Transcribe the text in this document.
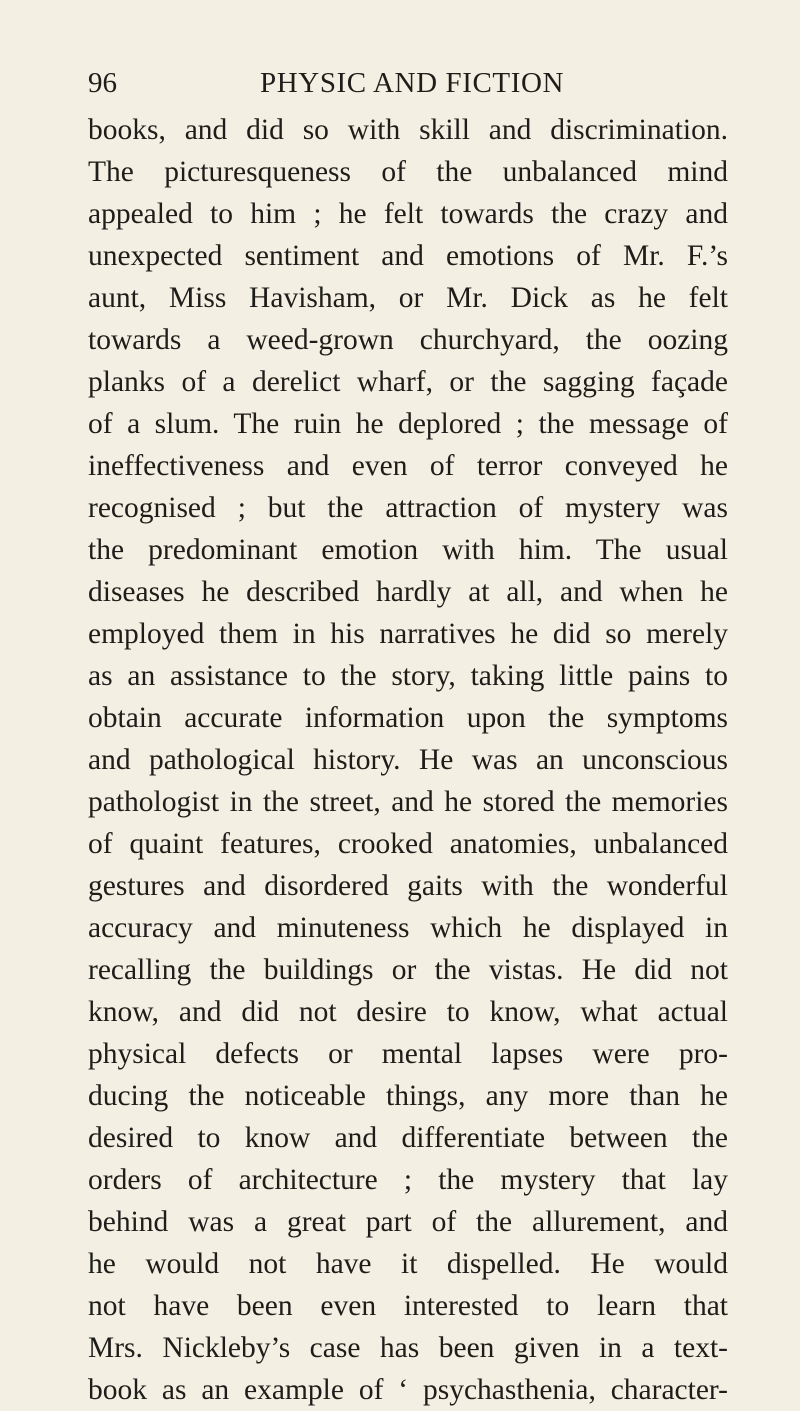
96	PHYSIC AND FICTION
books, and did so with skill and discrimination.
The picturesqueness of the unbalanced mind
appealed to him ; he felt towards the crazy and
unexpected sentiment and emotions of Mr. F.’s
aunt, Miss Havisham, or Mr. Dick as he felt
towards a weed-grown churchyard, the oozing
planks of a derelict wharf, or the sagging façade
of a slum. The ruin he deplored ; the message of
ineffectiveness and even of terror conveyed he
recognised ; but the attraction of mystery was
the predominant emotion with him. The usual
diseases he described hardly at all, and when he
employed them in his narratives he did so merely
as an assistance to the story, taking little pains to
obtain accurate information upon the symptoms
and pathological history. He was an unconscious
pathologist in the street, and he stored the memories
of quaint features, crooked anatomies, unbalanced
gestures and disordered gaits with the wonderful
accuracy and minuteness which he displayed in
recalling the buildings or the vistas. He did not
know, and did not desire to know, what actual
physical defects or mental lapses were pro-
ducing the noticeable things, any more than he
desired to know and differentiate between the
orders of architecture ; the mystery that lay
behind was a great part of the allurement, and
he would not have it dispelled. He would
not have been even interested to learn that
Mrs. Nickleby’s case has been given in a text-
book as an example of ‘ psychasthenia, character-
